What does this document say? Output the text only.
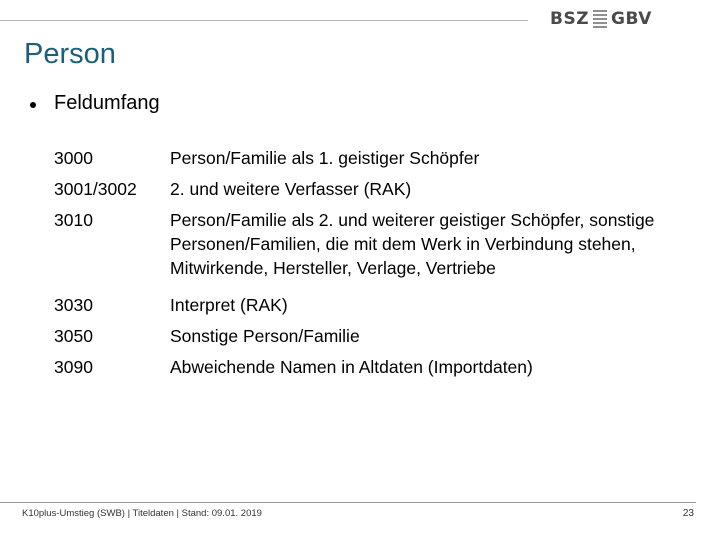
BSZ GBV
Person
Feldumfang
3000	Person/Familie als 1. geistiger Schöpfer
3001/3002	2. und weitere Verfasser (RAK)
3010	Person/Familie als 2. und weiterer geistiger Schöpfer, sonstige Personen/Familien, die mit dem Werk in Verbindung stehen, Mitwirkende, Hersteller, Verlage, Vertriebe
3030	Interpret (RAK)
3050	Sonstige Person/Familie
3090	Abweichende Namen in Altdaten (Importdaten)
K10plus-Umstieg (SWB) | Titeldaten | Stand: 09.01. 2019	23
